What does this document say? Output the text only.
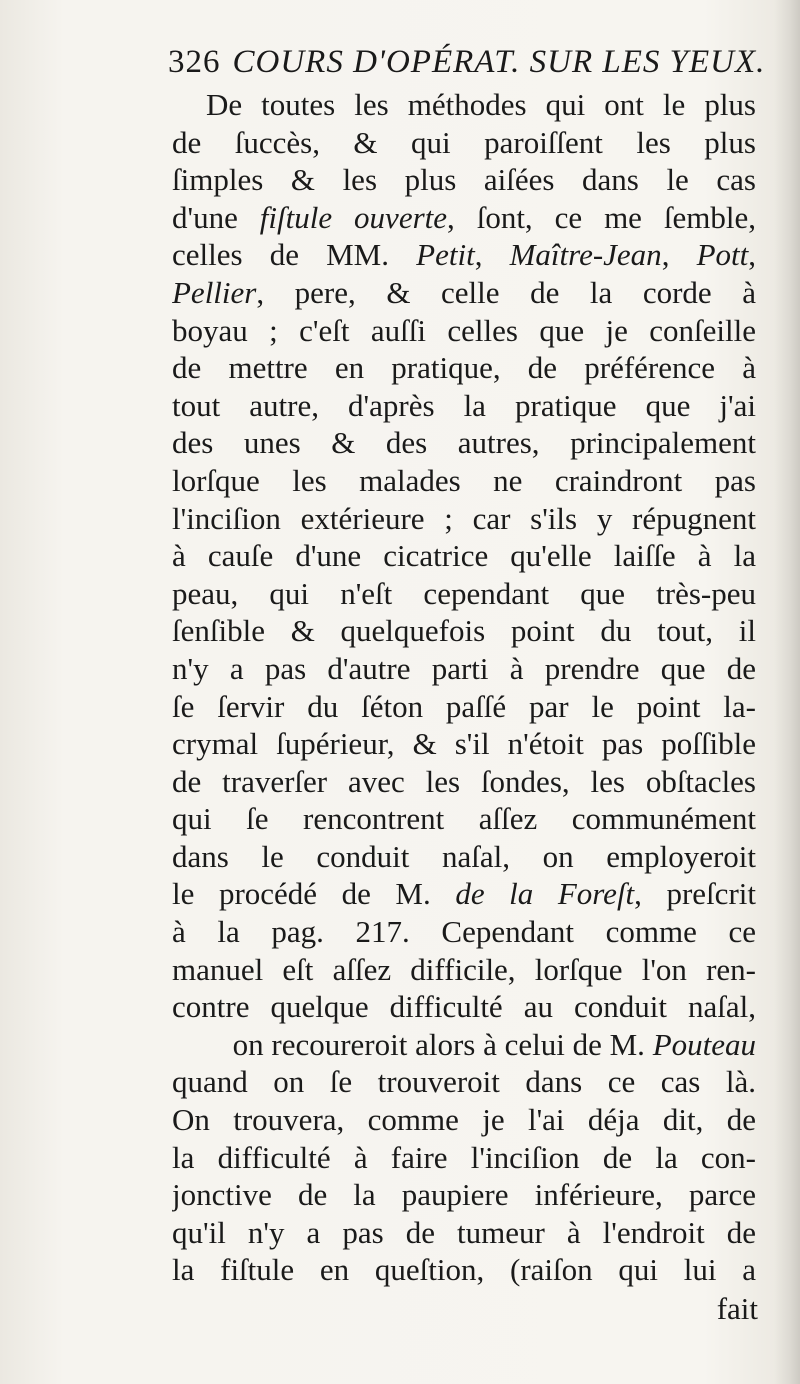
326 COURS D'OPÉRAT. SUR LES YEUX.
De toutes les méthodes qui ont le plus
de ſuccès, & qui paroiſſent les plus
ſimples & les plus aiſées dans le cas
d'une fiſtule ouverte, ſont, ce me ſemble,
celles de MM. Petit, Maître-Jean, Pott,
Pellier, pere, & celle de la corde à
boyau ; c'eſt auſſi celles que je conſeille
de mettre en pratique, de préférence à
tout autre, d'après la pratique que j'ai
des unes & des autres, principalement
lorſque les malades ne craindront pas
l'inciſion extérieure ; car s'ils y répugnent
à cauſe d'une cicatrice qu'elle laiſſe à la
peau, qui n'eſt cependant que très-peu
ſenſible & quelquefois point du tout, il
n'y a pas d'autre parti à prendre que de
ſe ſervir du ſéton paſſé par le point la-
crymal ſupérieur, & s'il n'étoit pas poſſible
de traverſer avec les ſondes, les obſtacles
qui ſe rencontrent aſſez communément
dans le conduit naſal, on employeroit
le procédé de M. de la Foreſt, preſcrit
à la pag. 217. Cependant comme ce
manuel eſt aſſez difficile, lorſque l'on ren-
contre quelque difficulté au conduit naſal,
on recoureroit alors à celui de M. Pouteau
quand on ſe trouveroit dans ce cas là.
On trouvera, comme je l'ai déja dit, de
la difficulté à faire l'inciſion de la con-
jonctive de la paupiere inférieure, parce
qu'il n'y a pas de tumeur à l'endroit de
la fiſtule en queſtion, (raiſon qui lui a
fait
